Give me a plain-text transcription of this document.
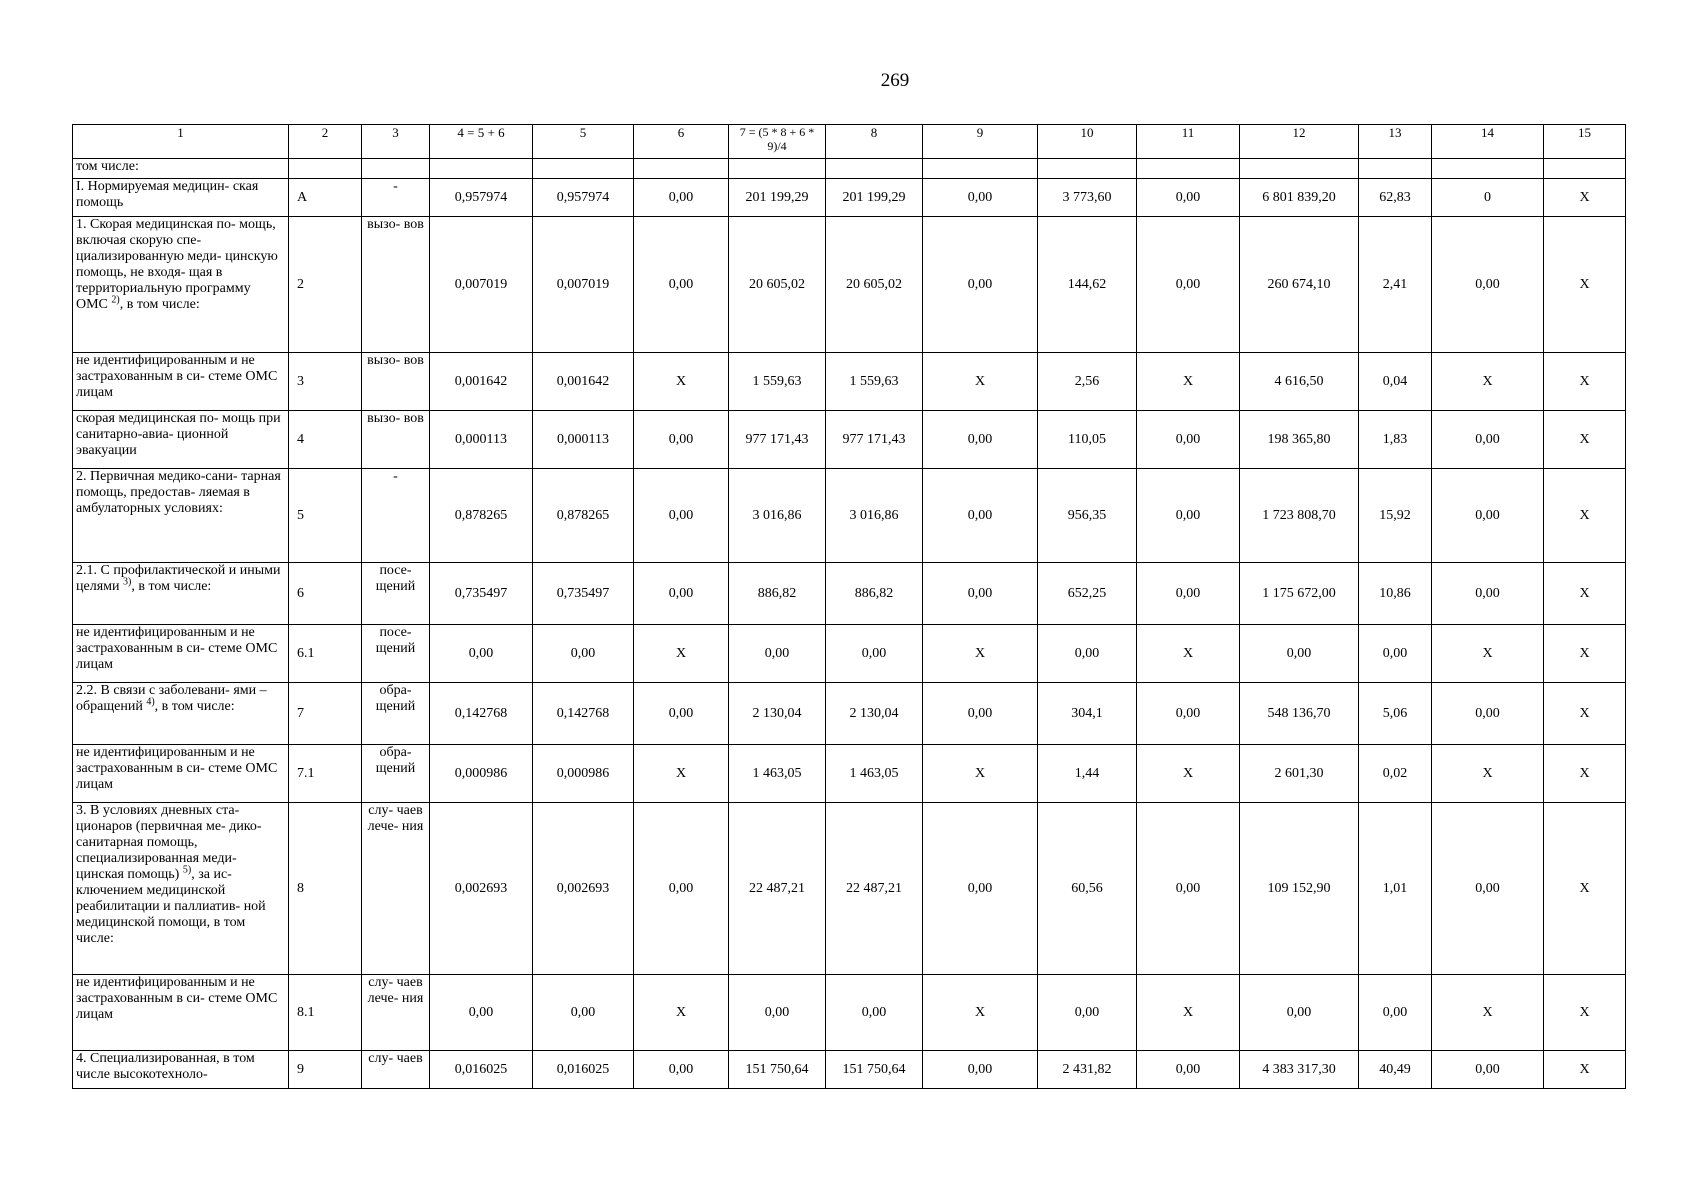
269
1	2	3	4 = 5 + 6	5	6	7 = (5 * 8 + 6 * 9)/4	8	9	10	11	12	13	14	15
том числе:														
I. Нормируемая медицин- ская помощь	А	-	0,957974	0,957974	0,00	201 199,29	201 199,29	0,00	3 773,60	0,00	6 801 839,20	62,83	0	Х
1. Скорая медицинская по- мощь, включая скорую спе- циализированную меди- цинскую помощь, не входя- щая в территориальную программу ОМС $^{2)}$, в том числе:	2	вызо- вов	0,007019	0,007019	0,00	20 605,02	20 605,02	0,00	144,62	0,00	260 674,10	2,41	0,00	Х
не идентифицированным и не застрахованным в си- стеме ОМС лицам	3	вызо- вов	0,001642	0,001642	Х	1 559,63	1 559,63	Х	2,56	Х	4 616,50	0,04	Х	Х
скорая медицинская по- мощь при санитарно-авиа- ционной эвакуации	4	вызо- вов	0,000113	0,000113	0,00	977 171,43	977 171,43	0,00	110,05	0,00	198 365,80	1,83	0,00	Х
2. Первичная медико-сани- тарная помощь, предостав- ляемая в амбулаторных условиях:	5	-	0,878265	0,878265	0,00	3 016,86	3 016,86	0,00	956,35	0,00	1 723 808,70	15,92	0,00	Х
2.1. С профилактической и иными целями $^{3)}$, в том числе:	6	посе- щений	0,735497	0,735497	0,00	886,82	886,82	0,00	652,25	0,00	1 175 672,00	10,86	0,00	Х
не идентифицированным и не застрахованным в си- стеме ОМС лицам	6.1	посе- щений	0,00	0,00	Х	0,00	0,00	Х	0,00	Х	0,00	0,00	Х	Х
2.2. В связи с заболевани- ями – обращений $^{4)}$, в том числе:	7	обра- щений	0,142768	0,142768	0,00	2 130,04	2 130,04	0,00	304,1	0,00	548 136,70	5,06	0,00	Х
не идентифицированным и не застрахованным в си- стеме ОМС лицам	7.1	обра- щений	0,000986	0,000986	Х	1 463,05	1 463,05	Х	1,44	Х	2 601,30	0,02	Х	Х
3. В условиях дневных ста- ционаров (первичная ме- дико-санитарная помощь, специализированная меди- цинская помощь) $^{5)}$, за ис- ключением медицинской реабилитации и паллиатив- ной медицинской помощи, в том числе:	8	слу- чаев лече- ния	0,002693	0,002693	0,00	22 487,21	22 487,21	0,00	60,56	0,00	109 152,90	1,01	0,00	Х
не идентифицированным и не застрахованным в си- стеме ОМС лицам	8.1	слу- чаев лече- ния	0,00	0,00	Х	0,00	0,00	Х	0,00	Х	0,00	0,00	Х	Х
4. Специализированная, в том числе высокотехноло-	9	слу- чаев	0,016025	0,016025	0,00	151 750,64	151 750,64	0,00	2 431,82	0,00	4 383 317,30	40,49	0,00	Х
